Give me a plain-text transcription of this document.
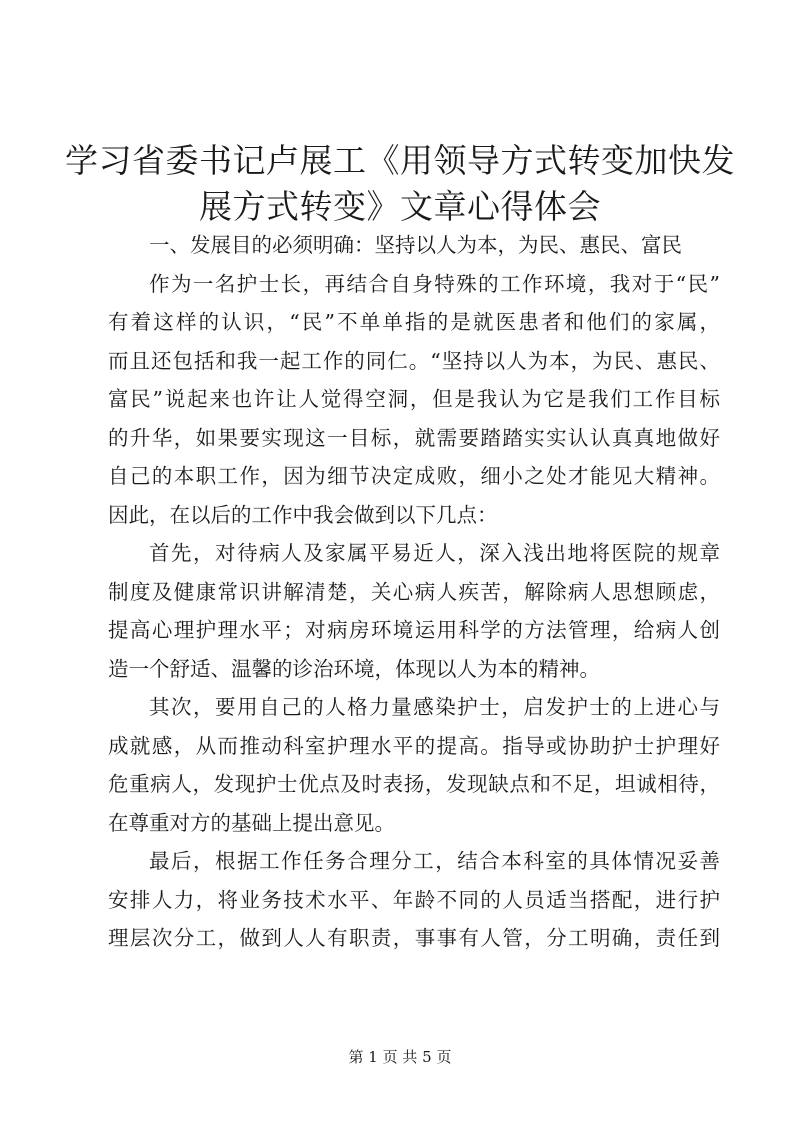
学习省委书记卢展工《用领导方式转变加快发
展方式转变》文章心得体会
一、发展目的必须明确：坚持以人为本，为民、惠民、富民
作为一名护士长，再结合自身特殊的工作环境，我对于“民”
有着这样的认识，“民”不单单指的是就医患者和他们的家属，
而且还包括和我一起工作的同仁。“坚持以人为本，为民、惠民、
富民”说起来也许让人觉得空洞，但是我认为它是我们工作目标
的升华，如果要实现这一目标，就需要踏踏实实认认真真地做好
自己的本职工作，因为细节决定成败，细小之处才能见大精神。
因此，在以后的工作中我会做到以下几点：
首先，对待病人及家属平易近人，深入浅出地将医院的规章
制度及健康常识讲解清楚，关心病人疾苦，解除病人思想顾虑，
提高心理护理水平；对病房环境运用科学的方法管理，给病人创
造一个舒适、温馨的诊治环境，体现以人为本的精神。
其次，要用自己的人格力量感染护士，启发护士的上进心与
成就感，从而推动科室护理水平的提高。指导或协助护士护理好
危重病人，发现护士优点及时表扬，发现缺点和不足，坦诚相待，
在尊重对方的基础上提出意见。
最后，根据工作任务合理分工，结合本科室的具体情况妥善
安排人力，将业务技术水平、年龄不同的人员适当搭配，进行护
理层次分工，做到人人有职责，事事有人管，分工明确，责任到
第 1 页 共 5 页
